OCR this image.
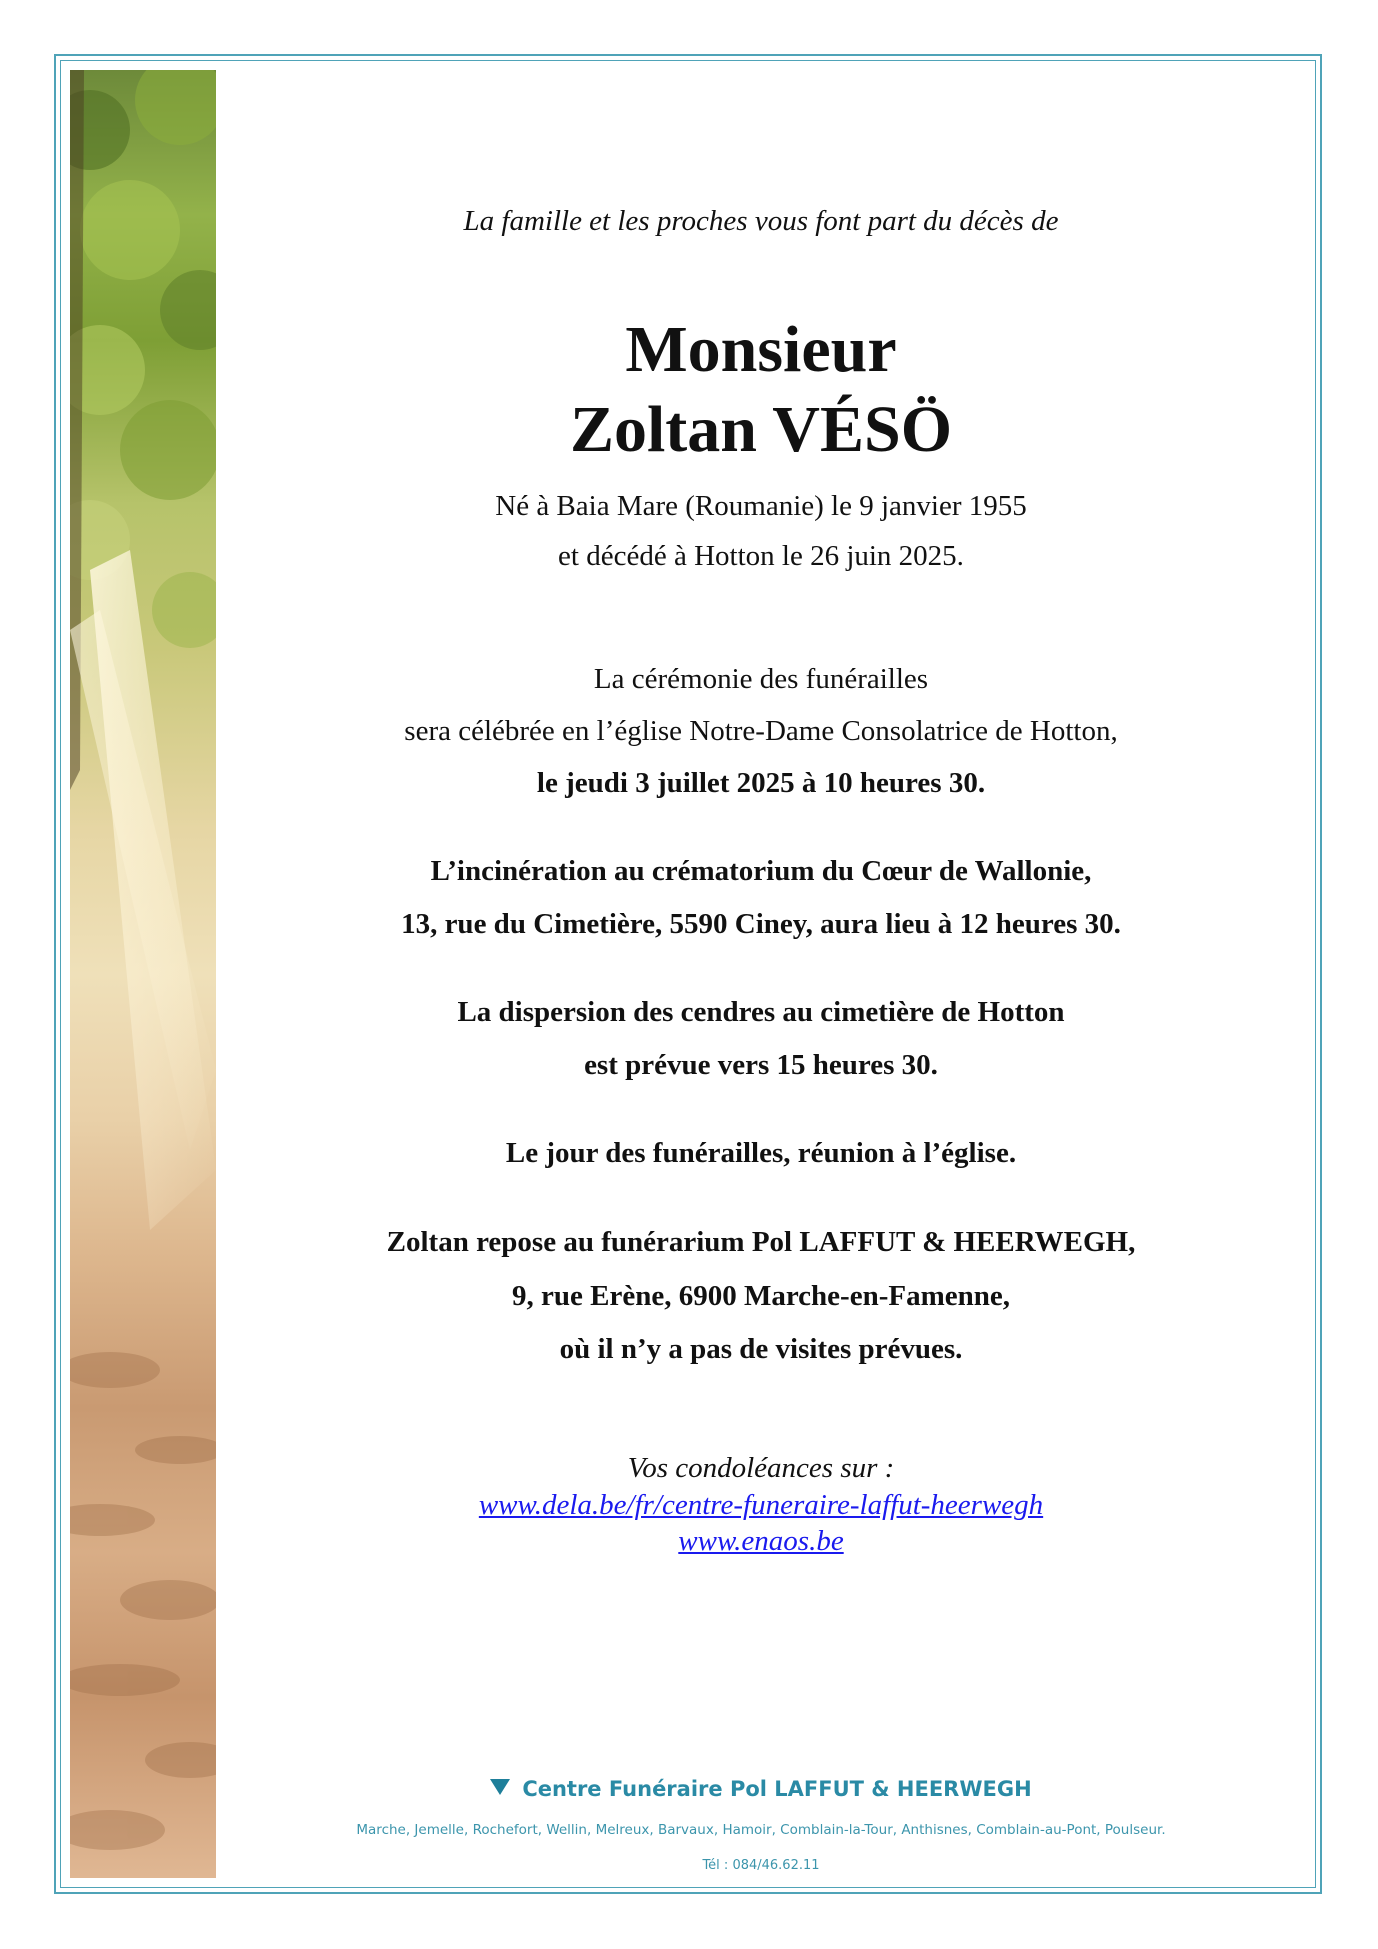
La famille et les proches vous font part du décès de
Monsieur
Zoltan VÉSÖ
Né à Baia Mare (Roumanie) le 9 janvier 1955
et décédé à Hotton le 26 juin 2025.
La cérémonie des funérailles
sera célébrée en l’église Notre-Dame Consolatrice de Hotton,
le jeudi 3 juillet 2025 à 10 heures 30.
L’incinération au crématorium du Cœur de Wallonie,
13, rue du Cimetière, 5590 Ciney, aura lieu à 12 heures 30.
La dispersion des cendres au cimetière de Hotton
est prévue vers 15 heures 30.
Le jour des funérailles, réunion à l’église.
Zoltan repose au funérarium Pol LAFFUT & HEERWEGH,
9, rue Erène, 6900 Marche-en-Famenne,
où il n’y a pas de visites prévues.
Vos condoléances sur :
www.dela.be/fr/centre-funeraire-laffut-heerwegh
www.enaos.be
Centre Funéraire Pol LAFFUT & HEERWEGH
Marche, Jemelle, Rochefort, Wellin, Melreux, Barvaux, Hamoir, Comblain-la-Tour, Anthisnes, Comblain-au-Pont, Poulseur.
Tél : 084/46.62.11
